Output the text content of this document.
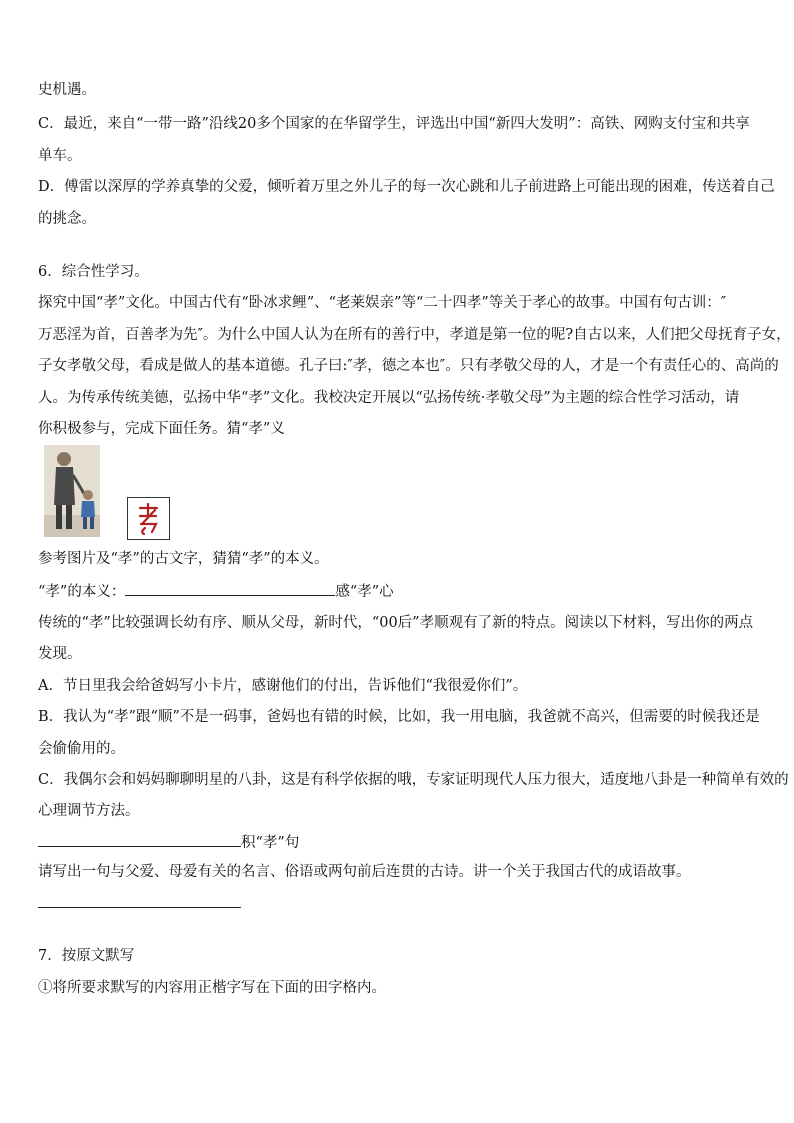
史机遇。
C．最近，来自“一带一路”沿线20多个国家的在华留学生，评选出中国“新四大发明”：高铁、网购支付宝和共享
单车。
D．傅雷以深厚的学养真挚的父爱，倾听着万里之外儿子的每一次心跳和儿子前进路上可能出现的困难，传送着自己
的挑念。
6．综合性学习。
探究中国“孝”文化。中国古代有“卧冰求鲤”、“老莱娱亲”等“二十四孝”等关于孝心的故事。中国有句古训：″
万恶淫为首，百善孝为先″。为什么中国人认为在所有的善行中，孝道是第一位的呢?自古以来，人们把父母抚育子女，
子女孝敬父母，看成是做人的基本道德。孔子曰:″孝，德之本也″。只有孝敬父母的人，才是一个有责任心的、高尚的
人。为传承传统美德，弘扬中华“孝”文化。我校决定开展以“弘扬传统·孝敬父母”为主题的综合性学习活动，请
你积极参与，完成下面任务。猜“孝”义
参考图片及“孝”的古文字，猜猜“孝”的本义。
“孝”的本义：	感“孝”心
传统的“孝”比较强调长幼有序、顺从父母，新时代，“00后”孝顺观有了新的特点。阅读以下材料，写出你的两点
发现。
A．节日里我会给爸妈写小卡片，感谢他们的付出，告诉他们“我很爱你们”。
B．我认为“孝”跟“顺”不是一码事，爸妈也有错的时候，比如，我一用电脑，我爸就不高兴，但需要的时候我还是
会偷偷用的。
C．我偶尔会和妈妈聊聊明星的八卦，这是有科学依据的哦，专家证明现代人压力很大，适度地八卦是一种简单有效的
心理调节方法。
积“孝”句
请写出一句与父爱、母爱有关的名言、俗语或两句前后连贯的古诗。讲一个关于我国古代的成语故事。
7．按原文默写
①将所要求默写的内容用正楷字写在下面的田字格内。
